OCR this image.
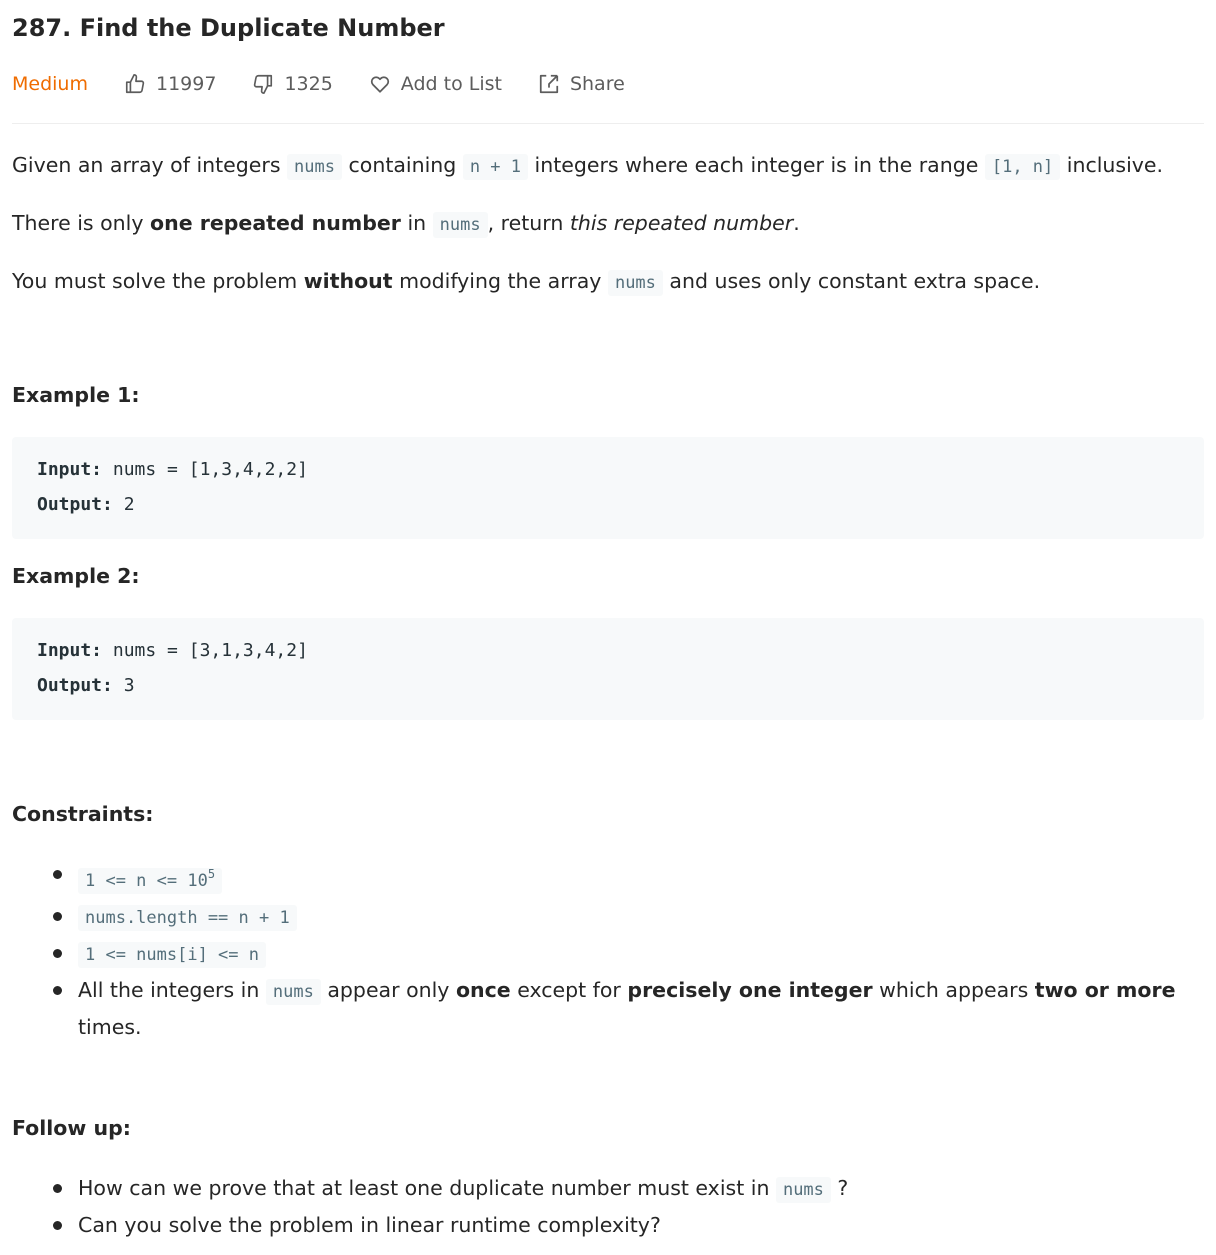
287. Find the Duplicate Number
Medium	11997	1325	Add to List	Share
Given an array of integers nums containing n + 1 integers where each integer is in the range [1, n] inclusive.
There is only one repeated number in nums , return this repeated number.
You must solve the problem without modifying the array nums and uses only constant extra space.
Example 1:
Input: nums = [1,3,4,2,2]
Output: 2
Example 2:
Input: nums = [3,1,3,4,2]
Output: 3
Constraints:
$1 <= n <= 10^5$
nums.length == n + 1
1 <= nums[i] <= n
All the integers in nums appear only once except for precisely one integer which appears two or more
times.
Follow up:
How can we prove that at least one duplicate number must exist in nums ?
Can you solve the problem in linear runtime complexity?
